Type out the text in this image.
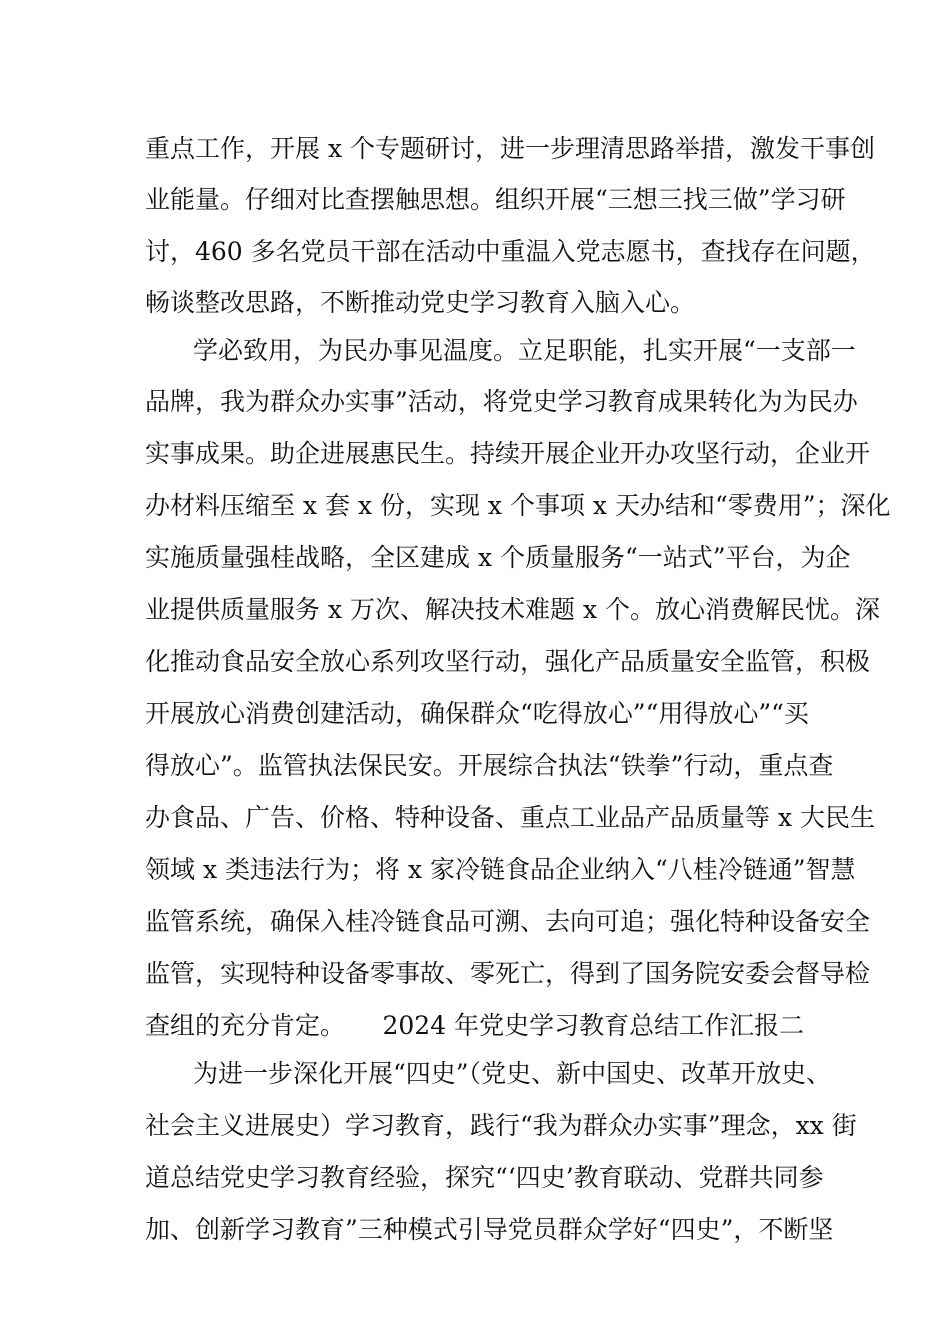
重点工作，开展 x 个专题研讨，进一步理清思路举措，激发干事创
业能量。仔细对比查摆触思想。组织开展“三想三找三做”学习研
讨，460 多名党员干部在活动中重温入党志愿书，查找存在问题，
畅谈整改思路，不断推动党史学习教育入脑入心。
学必致用，为民办事见温度。立足职能，扎实开展“一支部一
品牌，我为群众办实事”活动，将党史学习教育成果转化为为民办
实事成果。助企进展惠民生。持续开展企业开办攻坚行动，企业开
办材料压缩至 x 套 x 份，实现 x 个事项 x 天办结和“零费用”；深化
实施质量强桂战略，全区建成 x 个质量服务“一站式”平台，为企
业提供质量服务 x 万次、解决技术难题 x 个。放心消费解民忧。深
化推动食品安全放心系列攻坚行动，强化产品质量安全监管，积极
开展放心消费创建活动，确保群众“吃得放心”“用得放心”“买
得放心”。监管执法保民安。开展综合执法“铁拳”行动，重点查
办食品、广告、价格、特种设备、重点工业品产品质量等 x 大民生
领域 x 类违法行为；将 x 家冷链食品企业纳入“八桂冷链通”智慧
监管系统，确保入桂冷链食品可溯、去向可追；强化特种设备安全
监管，实现特种设备零事故、零死亡，得到了国务院安委会督导检
查组的充分肯定。　　2024 年党史学习教育总结工作汇报二
为进一步深化开展“四史”（党史、新中国史、改革开放史、
社会主义进展史）学习教育，践行“我为群众办实事”理念，xx 街
道总结党史学习教育经验，探究“‘四史’教育联动、党群共同参
加、创新学习教育”三种模式引导党员群众学好“四史”，不断坚
